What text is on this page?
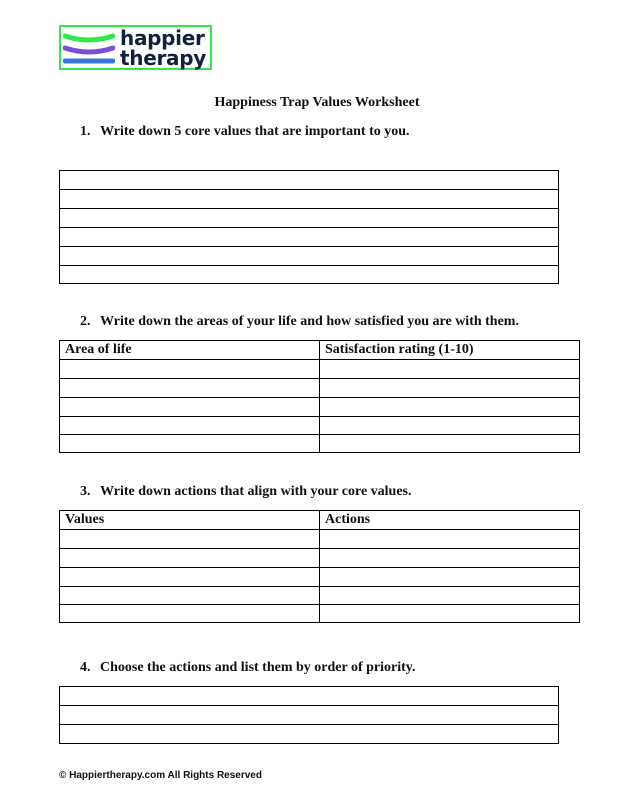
happier
therapy
Happiness Trap Values Worksheet
1. Write down 5 core values that are important to you.

2. Write down the areas of your life and how satisfied you are with them.
Area of life	Satisfaction rating (1-10)

3. Write down actions that align with your core values.
Values	Actions

4. Choose the actions and list them by order of priority.

© Happiertherapy.com All Rights Reserved
